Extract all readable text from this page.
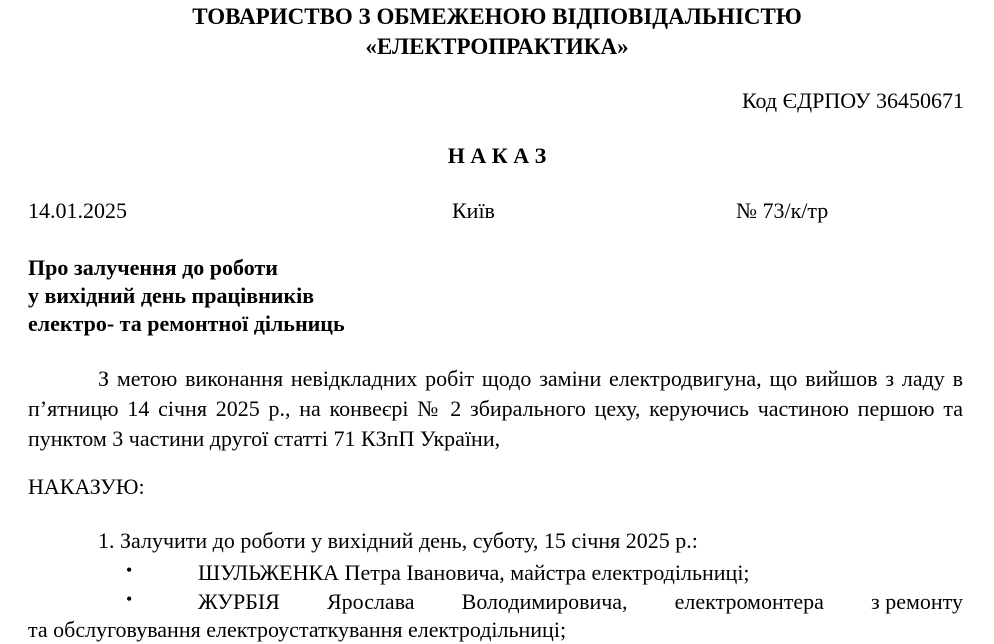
ТОВАРИСТВО З ОБМЕЖЕНОЮ ВІДПОВІДАЛЬНІСТЮ
«ЕЛЕКТРОПРАКТИКА»
Код ЄДРПОУ 36450671
Н А К А З
14.01.2025	Київ	№ 73/к/тр
Про залучення до роботи
у вихідний день працівників
електро- та ремонтної дільниць
З метою виконання невідкладних робіт щодо заміни електродвигуна, що вийшов з ладу в п’ятницю 14 січня 2025 р., на конвеєрі № 2 збирального цеху, керуючись частиною першою та пунктом 3 частини другої статті 71 КЗпП України,
НАКАЗУЮ:
1. Залучити до роботи у вихідний день, суботу, 15 січня 2025 р.:
•	ШУЛЬЖЕНКА Петра Івановича, майстра електродільниці;
•	ЖУРБІЯ Ярослава Володимировича, електромонтера з ремонту
та обслуговування електроустаткування електродільниці;
